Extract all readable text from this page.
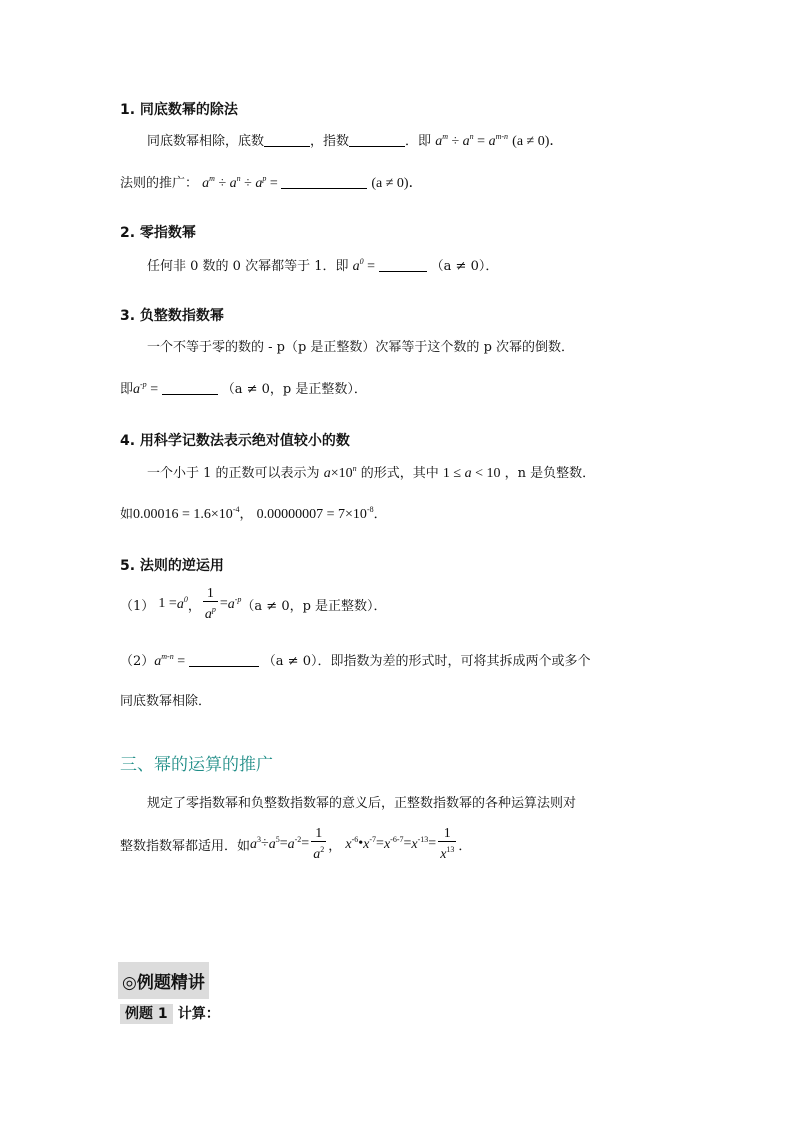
1. 同底数幂的除法
同底数幂相除，底数	，指数	．即 $a^m \div a^n = a^{m-n}$ (a ≠ 0)．
法则的推广： $a^m \div a^n \div a^p$ =	(a ≠ 0)．
2. 零指数幂
任何非 0 数的 0 次幂都等于 1．即 $a^0$ =	（a ≠ 0）．
3. 负整数指数幂
一个不等于零的数的 - p（p 是正整数）次幂等于这个数的 p 次幂的倒数．
即$a^{-p}$ =	（a ≠ 0，p 是正整数）．
4. 用科学记数法表示绝对值较小的数
一个小于 1 的正数可以表示为 $a\times 10^n$ 的形式，其中 1 ≤ a < 10 ，n 是负整数．
如$0.00016 = 1.6\times 10^{-4}$， $0.00000007 = 7\times 10^{-8}$．
5. 法则的逆运用
（1）
$1 = a^0$ ， $\frac{1}{a^p} = a^{-p}$ （a ≠ 0，p 是正整数）．
$(2)a^{m-n}$ =	（a ≠ 0）．即指数为差的形式时，可将其拆成两个或多个
同底数幂相除．
三、幂的运算的推广
规定了零指数幂和负整数指数幂的意义后，正整数指数幂的各种运算法则对
整数指数幂都适用．如 $a^3 \div a^5 = a^{-2} = \frac{1}{a^2}$ ，
$x^{-6}$ • $x^{-7} = x^{-6-7} = x^{-13} = \frac{1}{x^{13}}$ ．
◎例题精讲
例题 1 计算：
